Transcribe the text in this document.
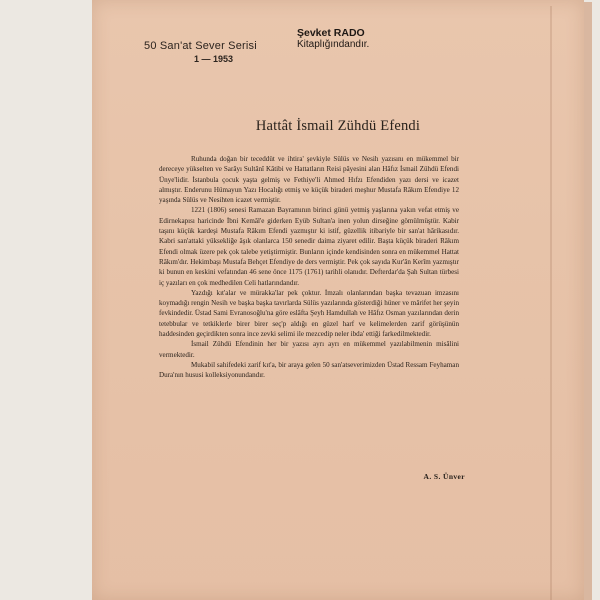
50 San'at Sever Serisi
1 — 1953
Şevket RADO
Kitaplığındandır.
Hattât İsmail Zühdü Efendi

Ruhunda doğan bir teceddüt ve ihtira' şevkiyle Sülüs ve Nesih yazısını en mükemmel bir dereceye yükselten ve Sarâyı Sultânî Kâtibi ve Hattatların Reisi pâyesini alan Hâfız İsmail Zühdü Efendi Ünye'lidir. İstanbula çocuk yaşta gelmiş ve Fethiye'li Ahmed Hıfzı Efendiden yazı dersi ve icazet almıştır. Enderunu Hümayun Yazı Hocalığı etmiş ve küçük biraderi meşhur Mustafa Râkım Efendiye 12 yaşında Sülüs ve Nesihten icazet vermiştir.

1221 (1806) senesi Ramazan Bayramının birinci günü yetmiş yaşlarına yakın vefat etmiş ve Edirnekapısı haricinde İbni Kemâl'e giderken Eyüb Sultan'a inen yolun dirseğine gömülmüştür. Kabir taşını küçük kardeşi Mustafa Râkım Efendi yazmıştır ki istif, güzellik itibariyle bir san'at hârikasıdır. Kabri san'attaki yüksekliğe âşık olanlarca 150 senedir daima ziyaret edilir. Başta küçük biraderi Râkım Efendi olmak üzere pek çok talebe yetiştirmiştir. Bunların içinde kendisinden sonra en mükemmel Hattat Râkım'dır. Hekimbaşı Mustafa Behçet Efendiye de ders vermiştir. Pek çok sayıda Kur'ân Kerîm yazmıştır ki bunun en keskini vefatından 46 sene önce 1175 (1761) tarihli olanıdır. Defterdar'da Şah Sultan türbesi iç yazıları en çok medhedilen Celi hatlarındandır.

Yazdığı kıt'alar ve mürakka'lar pek çoktur. İmzalı olanlarından başka tevazuan imzasını koymadığı rengin Nesih ve başka başka tavırlarda Sülüs yazılarında gösterdiği hüner ve mârifet her şeyin fevkindedir. Üstad Sami Evranosoğlu'na göre eslâfta Şeyh Hamdullah ve Hâfız Osman yazılarından derin tetebbular ve tetkiklerle birer birer seç'p aldığı en güzel harf ve kelimelerden zarif görüşünün haddesinden geçirdikten sonra ince zevki selimi ile mezcedip neler ibda' ettiği farkedilmektedir.

İsmail Zühdü Efendinin her bir yazısı ayrı ayrı en mükemmel yazılabilmenin misâlini vermektedir.

Mukabil sahifedeki zarif kıt'a, bir araya gelen 50 san'atseverimizden Üstad Ressam Feyhaman Dura'nın hususi kolleksiyonundandır.

A. S. Ünver
